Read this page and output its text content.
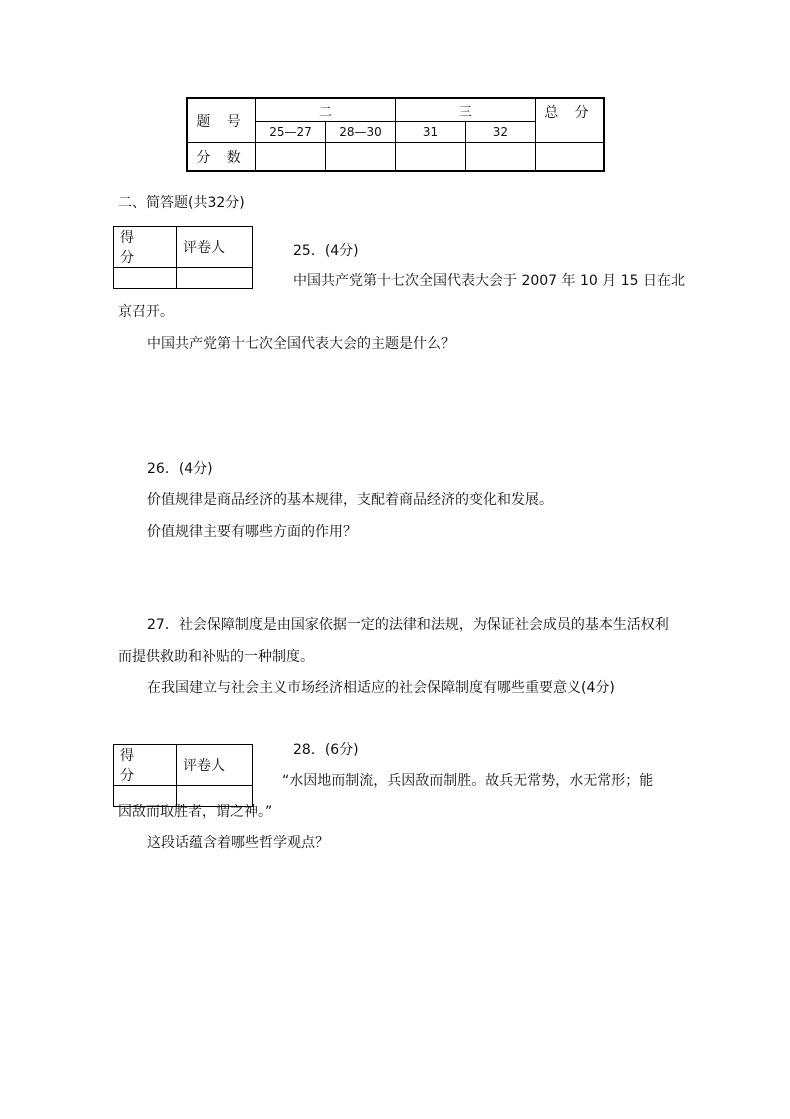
题 号	二		三		总 分
	25—27	28—30	31	32	
分 数					
二、简答题(共32分)
得　分	评卷人
		25．(4分)
中国共产党第十七次全国代表大会于 2007 年 10 月 15 日在北
京召开。
中国共产党第十七次全国代表大会的主题是什么？
26．(4分)
价值规律是商品经济的基本规律，支配着商品经济的变化和发展。
价值规律主要有哪些方面的作用？
27．社会保障制度是由国家依据一定的法律和法规，为保证社会成员的基本生活权利
而提供救助和补贴的一种制度。
在我国建立与社会主义市场经济相适应的社会保障制度有哪些重要意义(4分)
得　分	评卷人

28．(6分)
“水因地而制流，兵因敌而制胜。故兵无常势，水无常形；能
因敌而取胜者，谓之神。”
这段话蕴含着哪些哲学观点？
